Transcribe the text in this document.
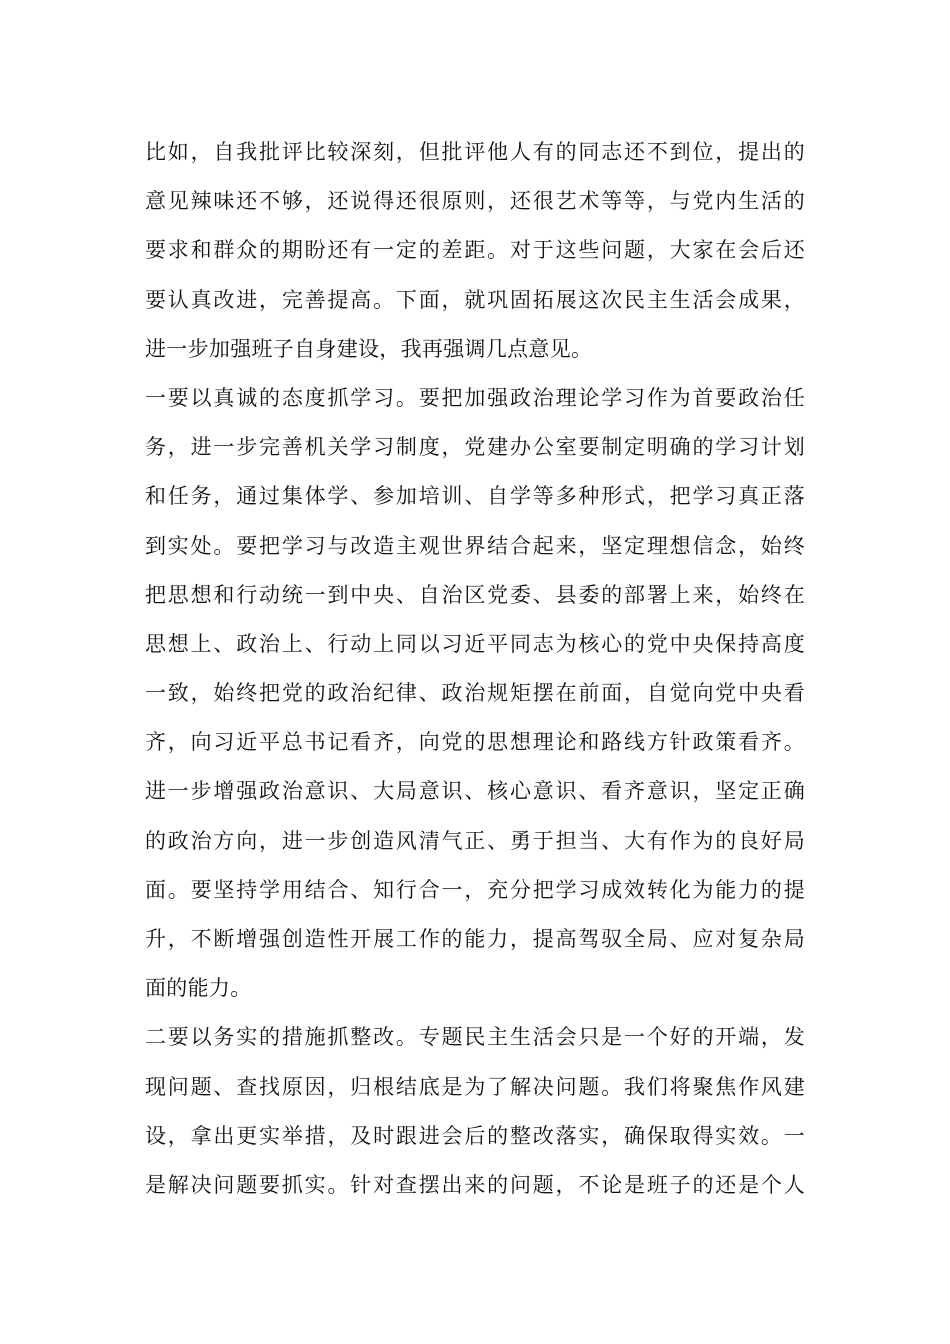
比如，自我批评比较深刻，但批评他人有的同志还不到位，提出的
意见辣味还不够，还说得还很原则，还很艺术等等，与党内生活的
要求和群众的期盼还有一定的差距。对于这些问题，大家在会后还
要认真改进，完善提高。下面，就巩固拓展这次民主生活会成果，
进一步加强班子自身建设，我再强调几点意见。
一要以真诚的态度抓学习。要把加强政治理论学习作为首要政治任
务，进一步完善机关学习制度，党建办公室要制定明确的学习计划
和任务，通过集体学、参加培训、自学等多种形式，把学习真正落
到实处。要把学习与改造主观世界结合起来，坚定理想信念，始终
把思想和行动统一到中央、自治区党委、县委的部署上来，始终在
思想上、政治上、行动上同以习近平同志为核心的党中央保持高度
一致，始终把党的政治纪律、政治规矩摆在前面，自觉向党中央看
齐，向习近平总书记看齐，向党的思想理论和路线方针政策看齐。
进一步增强政治意识、大局意识、核心意识、看齐意识，坚定正确
的政治方向，进一步创造风清气正、勇于担当、大有作为的良好局
面。要坚持学用结合、知行合一，充分把学习成效转化为能力的提
升，不断增强创造性开展工作的能力，提高驾驭全局、应对复杂局
面的能力。
二要以务实的措施抓整改。专题民主生活会只是一个好的开端，发
现问题、查找原因，归根结底是为了解决问题。我们将聚焦作风建
设，拿出更实举措，及时跟进会后的整改落实，确保取得实效。一
是解决问题要抓实。针对查摆出来的问题，不论是班子的还是个人
